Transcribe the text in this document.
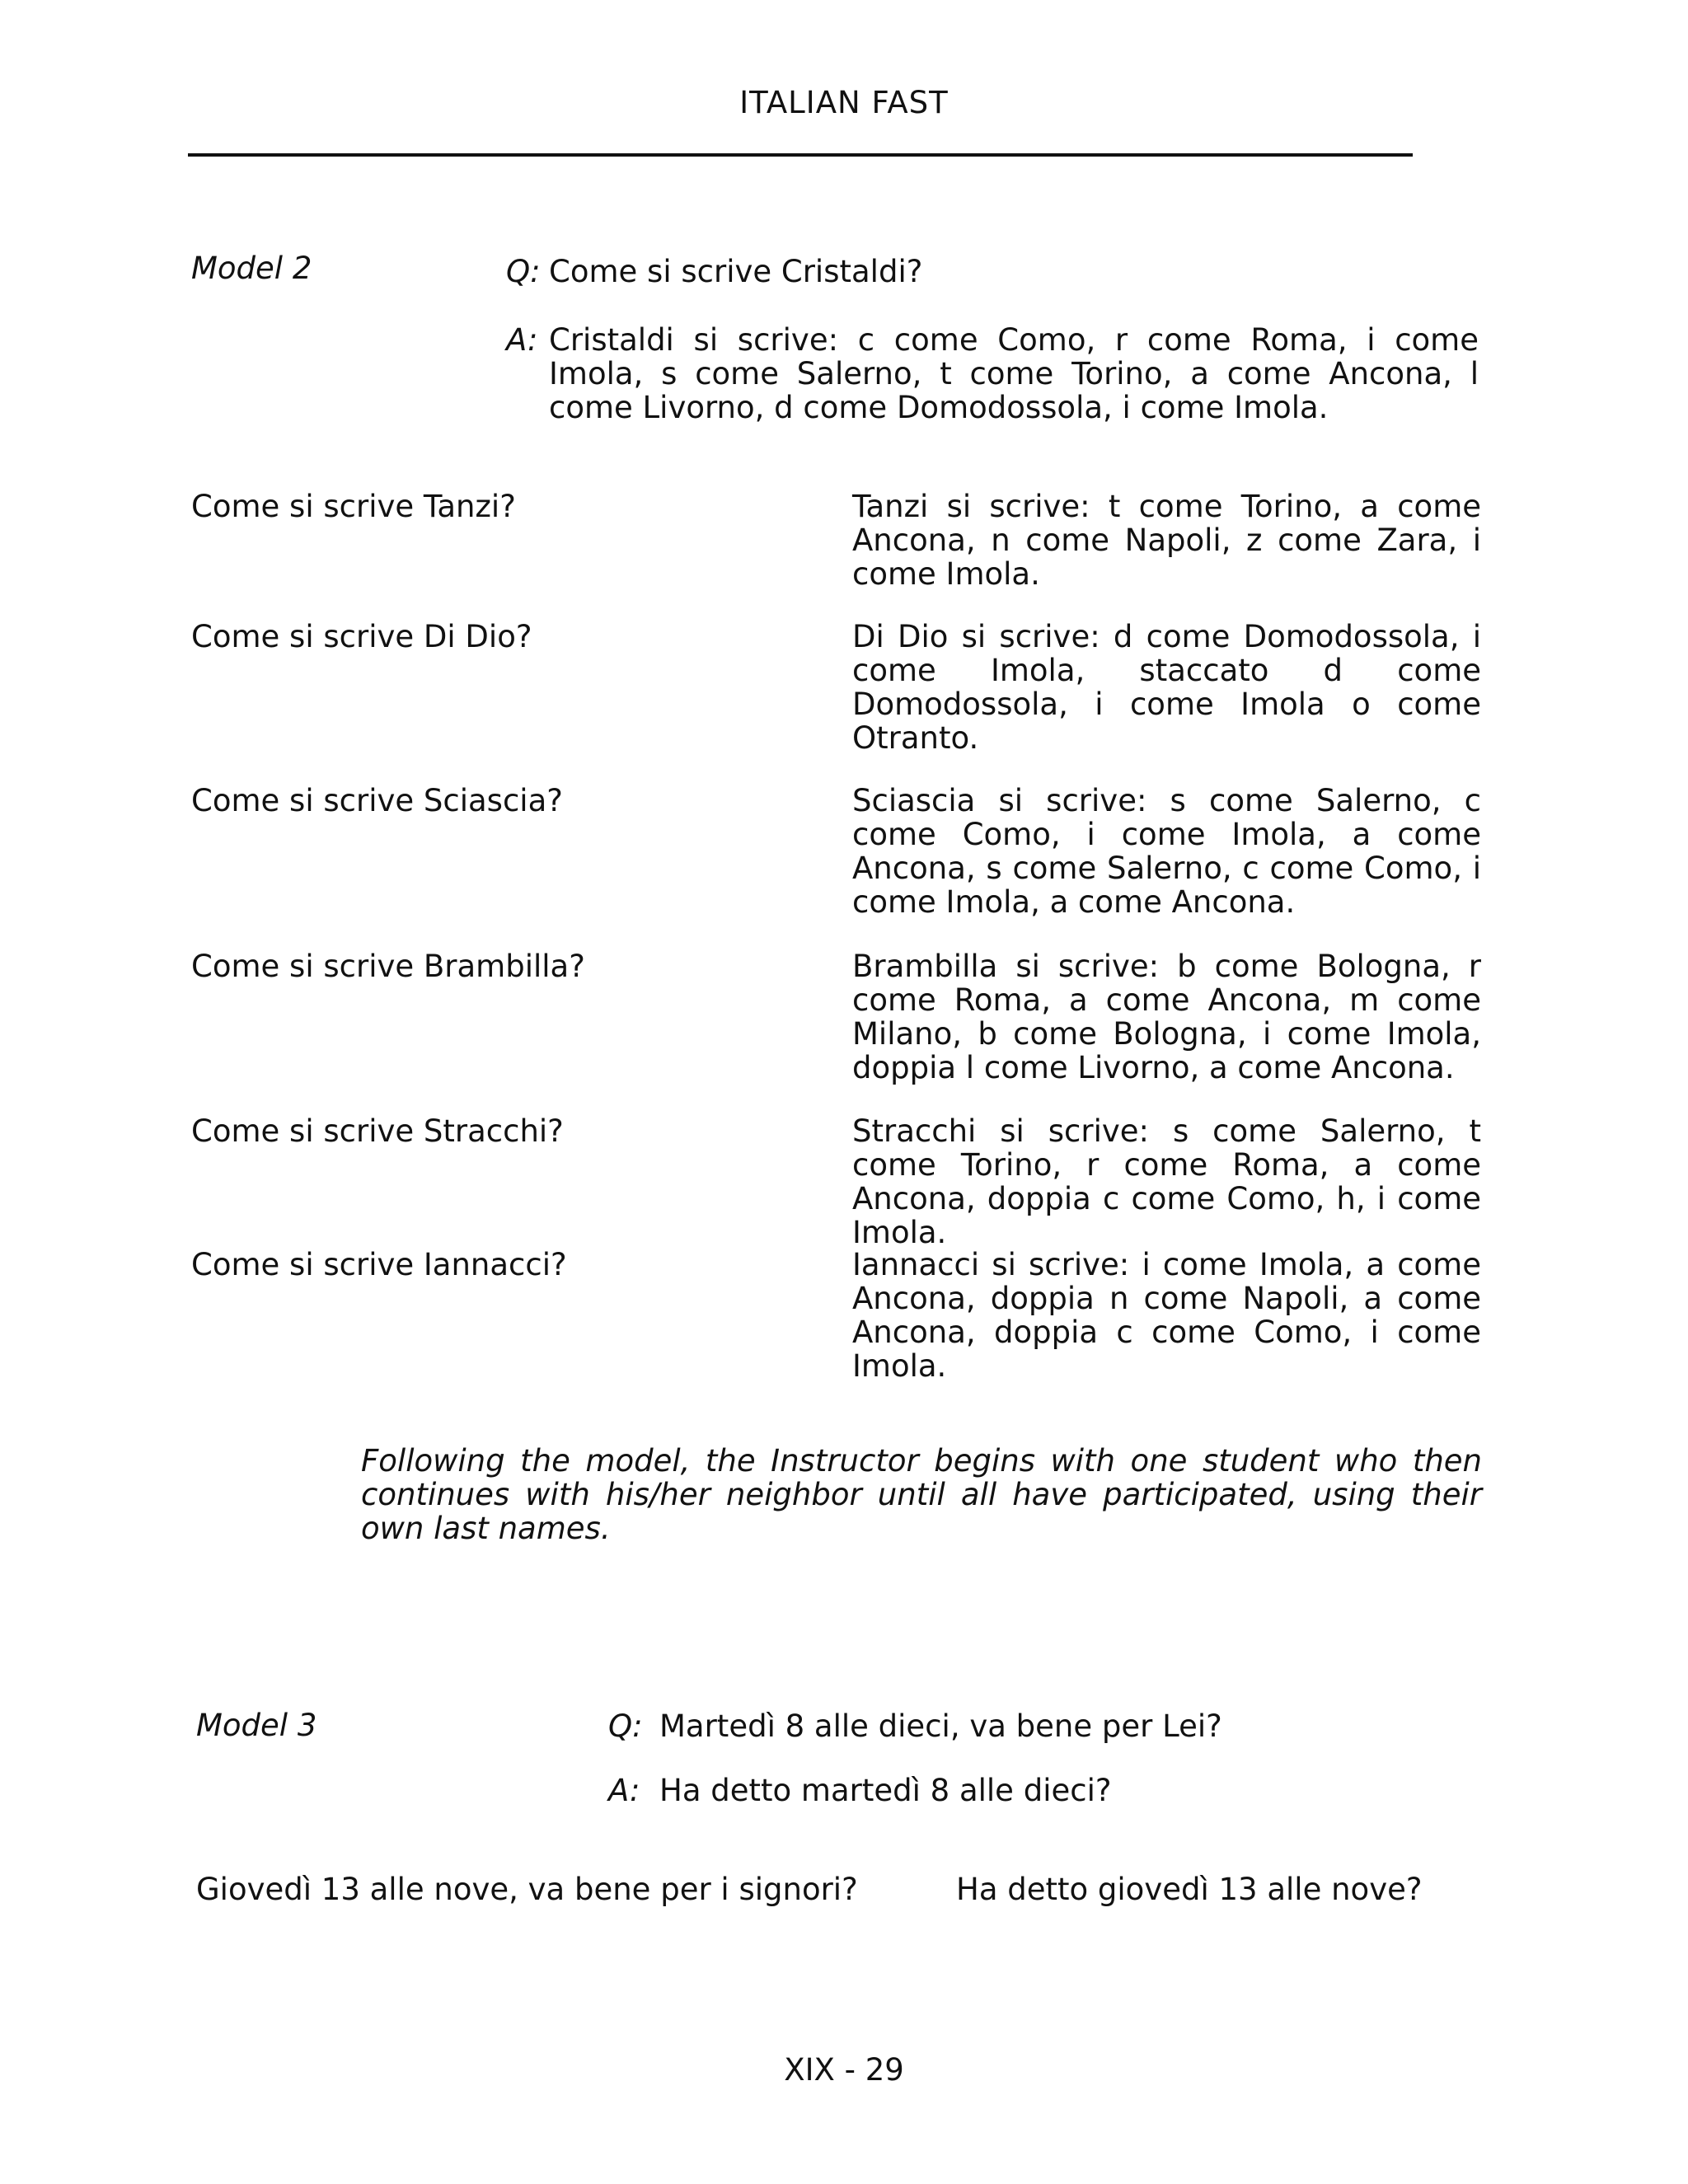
ITALIAN FAST
Model 2	Q: Come si scrive Cristaldi?
A: Cristaldi si scrive: c come Como, r come Roma, i come Imola, s come Salerno, t come Torino, a come Ancona, l come Livorno, d come Domodossola, i come Imola.
Come si scrive Tanzi?	Tanzi si scrive: t come Torino, a come Ancona, n come Napoli, z come Zara, i come Imola.
Come si scrive Di Dio?	Di Dio si scrive: d come Domodossola, i come Imola, staccato d come Domodossola, i come Imola o come Otranto.
Come si scrive Sciascia?	Sciascia si scrive: s come Salerno, c come Como, i come Imola, a come Ancona, s come Salerno, c come Como, i come Imola, a come Ancona.
Come si scrive Brambilla?	Brambilla si scrive: b come Bologna, r come Roma, a come Ancona, m come Milano, b come Bologna, i come Imola, doppia l come Livorno, a come Ancona.
Come si scrive Stracchi?	Stracchi si scrive: s come Salerno, t come Torino, r come Roma, a come Ancona, doppia c come Como, h, i come Imola.
Come si scrive Iannacci?	Iannacci si scrive: i come Imola, a come Ancona, doppia n come Napoli, a come Ancona, doppia c come Como, i come Imola.
Following the model, the Instructor begins with one student who then continues with his/her neighbor until all have participated, using their own last names.
Model 3	Q: Martedì 8 alle dieci, va bene per Lei?
A: Ha detto martedì 8 alle dieci?
Giovedì 13 alle nove, va bene per i signori?	Ha detto giovedì 13 alle nove?
XIX - 29
